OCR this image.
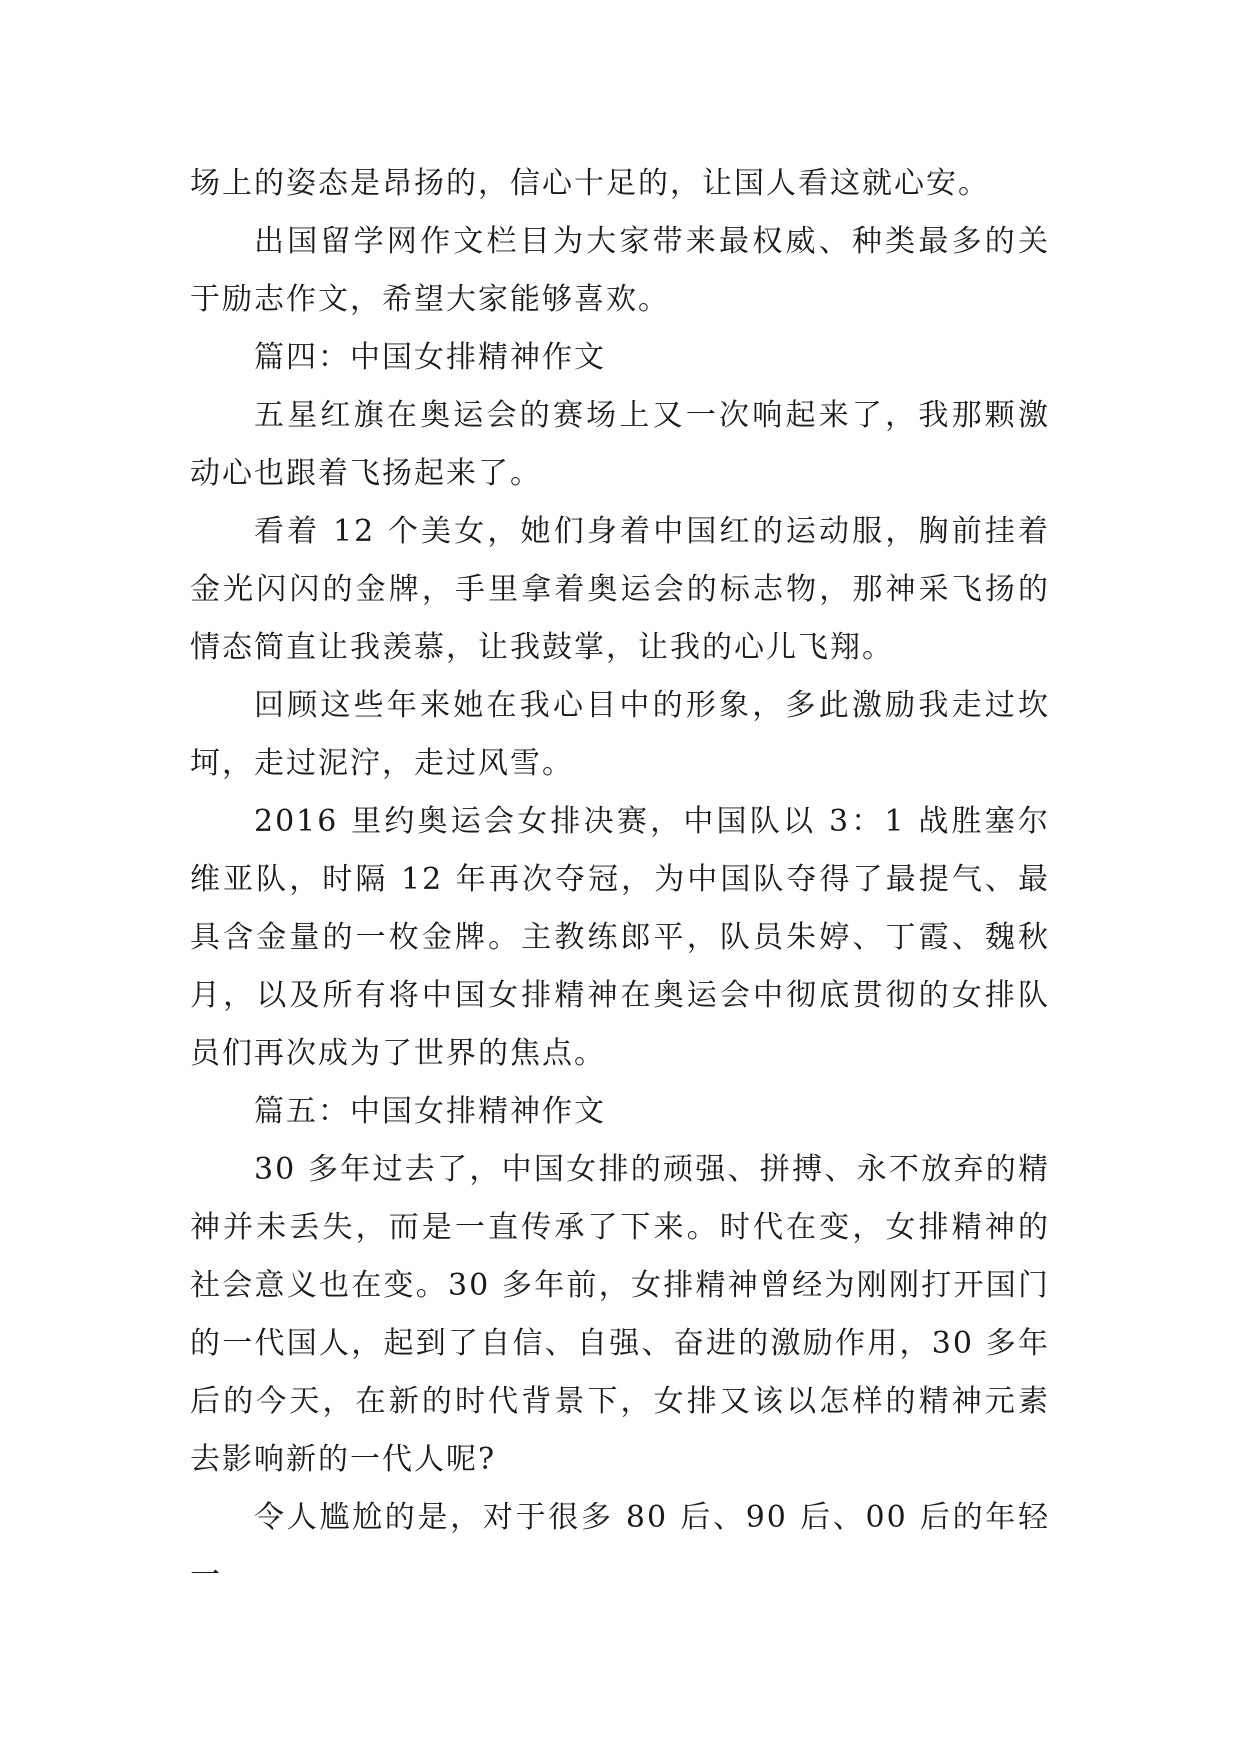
场上的姿态是昂扬的，信心十足的，让国人看这就心安。

出国留学网作文栏目为大家带来最权威、种类最多的关于励志作文，希望大家能够喜欢。

篇四：中国女排精神作文

五星红旗在奥运会的赛场上又一次响起来了，我那颗激动心也跟着飞扬起来了。

看着 12 个美女，她们身着中国红的运动服，胸前挂着金光闪闪的金牌，手里拿着奥运会的标志物，那神采飞扬的情态简直让我羡慕，让我鼓掌，让我的心儿飞翔。

回顾这些年来她在我心目中的形象，多此激励我走过坎坷，走过泥泞，走过风雪。

2016 里约奥运会女排决赛，中国队以 3：1 战胜塞尔维亚队，时隔 12 年再次夺冠，为中国队夺得了最提气、最具含金量的一枚金牌。主教练郎平，队员朱婷、丁霞、魏秋月，以及所有将中国女排精神在奥运会中彻底贯彻的女排队员们再次成为了世界的焦点。

篇五：中国女排精神作文

30 多年过去了，中国女排的顽强、拼搏、永不放弃的精神并未丢失，而是一直传承了下来。时代在变，女排精神的社会意义也在变。30 多年前，女排精神曾经为刚刚打开国门的一代国人，起到了自信、自强、奋进的激励作用，30 多年后的今天，在新的时代背景下，女排又该以怎样的精神元素去影响新的一代人呢?

令人尴尬的是，对于很多 80 后、90 后、00 后的年轻一
